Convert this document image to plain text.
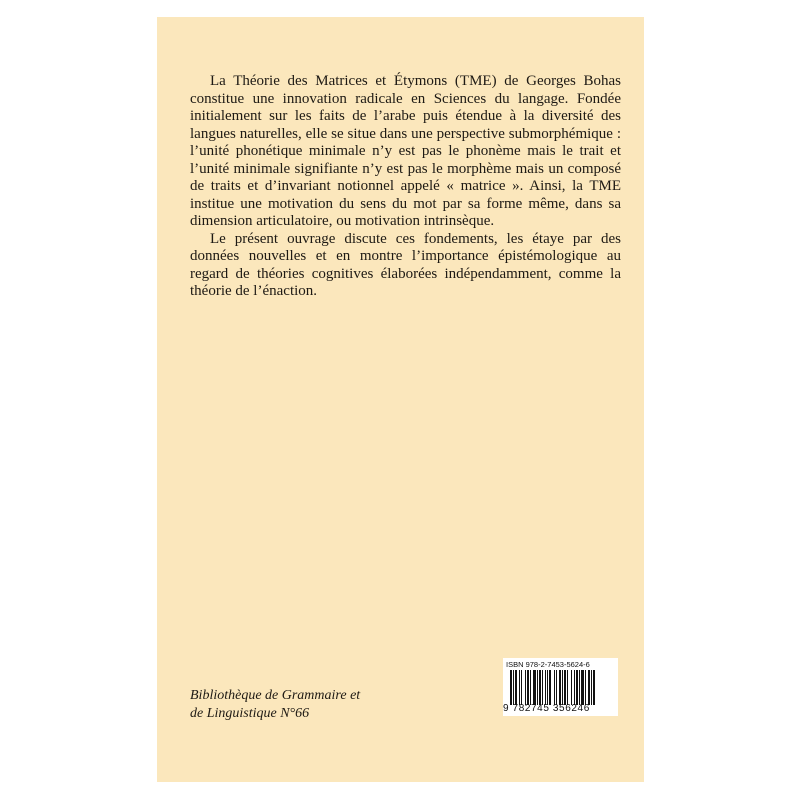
La Théorie des Matrices et Étymons (TME) de Georges Bohas constitue une innovation radicale en Sciences du langage. Fondée initialement sur les faits de l’arabe puis étendue à la diversité des langues naturelles, elle se situe dans une perspective submorphémique : l’unité phonétique minimale n’y est pas le phonème mais le trait et l’unité minimale signifiante n’y est pas le morphème mais un composé de traits et d’invariant notionnel appelé « matrice ». Ainsi, la TME institue une motivation du sens du mot par sa forme même, dans sa dimension articulatoire, ou motivation intrinsèque.

Le présent ouvrage discute ces fondements, les étaye par des données nouvelles et en montre l’importance épistémologique au regard de théories cognitives élaborées indépendamment, comme la théorie de l’énaction.

Bibliothèque de Grammaire et
de Linguistique N°66
ISBN 978-2-7453-5624-6
9 782745 356246
